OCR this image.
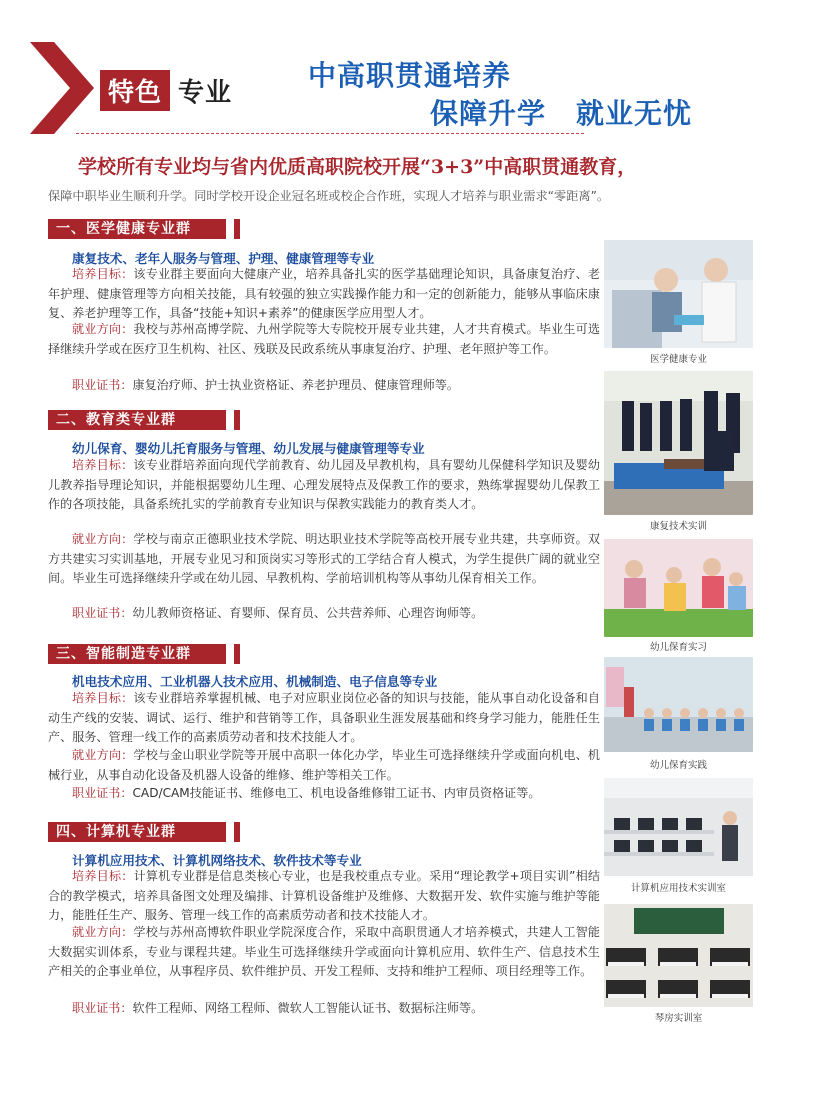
特色 专业
中高职贯通培养
保障升学 就业无忧
学校所有专业均与省内优质高职院校开展“3+3”中高职贯通教育，
保障中职毕业生顺利升学。同时学校开设企业冠名班或校企合作班，实现人才培养与职业需求“零距离”。
一、医学健康专业群
康复技术、老年人服务与管理、护理、健康管理等专业

培养目标：该专业群主要面向大健康产业，培养具备扎实的医学基础理论知识，具备康复治疗、老年护理、健康管理等方向相关技能，具有较强的独立实践操作能力和一定的创新能力，能够从事临床康复、养老护理等工作，具备“技能+知识+素养”的健康医学应用型人才。

就业方向：我校与苏州高博学院、九州学院等大专院校开展专业共建，人才共育模式。毕业生可选择继续升学或在医疗卫生机构、社区、残联及民政系统从事康复治疗、护理、老年照护等工作。

职业证书：康复治疗师、护士执业资格证、养老护理员、健康管理师等。

二、教育类专业群
幼儿保育、婴幼儿托育服务与管理、幼儿发展与健康管理等专业

培养目标：该专业群培养面向现代学前教育、幼儿园及早教机构，具有婴幼儿保健科学知识及婴幼儿教养指导理论知识，并能根据婴幼儿生理、心理发展特点及保教工作的要求，熟练掌握婴幼儿保教工作的各项技能，具备系统扎实的学前教育专业知识与保教实践能力的教育类人才。

就业方向：学校与南京正德职业技术学院、明达职业技术学院等高校开展专业共建，共享师资。双方共建实习实训基地，开展专业见习和顶岗实习等形式的工学结合育人模式，为学生提供广阔的就业空间。毕业生可选择继续升学或在幼儿园、早教机构、学前培训机构等从事幼儿保育相关工作。

职业证书：幼儿教师资格证、育婴师、保育员、公共营养师、心理咨询师等。

三、智能制造专业群
机电技术应用、工业机器人技术应用、机械制造、电子信息等专业

培养目标：该专业群培养掌握机械、电子对应职业岗位必备的知识与技能，能从事自动化设备和自动生产线的安装、调试、运行、维护和营销等工作，具备职业生涯发展基础和终身学习能力，能胜任生产、服务、管理一线工作的高素质劳动者和技术技能人才。

就业方向：学校与金山职业学院等开展中高职一体化办学，毕业生可选择继续升学或面向机电、机械行业，从事自动化设备及机器人设备的维修、维护等相关工作。

职业证书：CAD/CAM技能证书、维修电工、机电设备维修钳工证书、内审员资格证等。

四、计算机专业群
计算机应用技术、计算机网络技术、软件技术等专业

培养目标：计算机专业群是信息类核心专业，也是我校重点专业。采用“理论教学+项目实训”相结合的教学模式，培养具备图文处理及编排、计算机设备维护及维修、大数据开发、软件实施与维护等能力，能胜任生产、服务、管理一线工作的高素质劳动者和技术技能人才。

就业方向：学校与苏州高博软件职业学院深度合作，采取中高职贯通人才培养模式，共建人工智能大数据实训体系，专业与课程共建。毕业生可选择继续升学或面向计算机应用、软件生产、信息技术生产相关的企事业单位，从事程序员、软件维护员、开发工程师、支持和维护工程师、项目经理等工作。

职业证书：软件工程师、网络工程师、微软人工智能认证书、数据标注师等。

医学健康专业
康复技术实训
幼儿保育实习
幼儿保育实践
计算机应用技术实训室
琴房实训室
